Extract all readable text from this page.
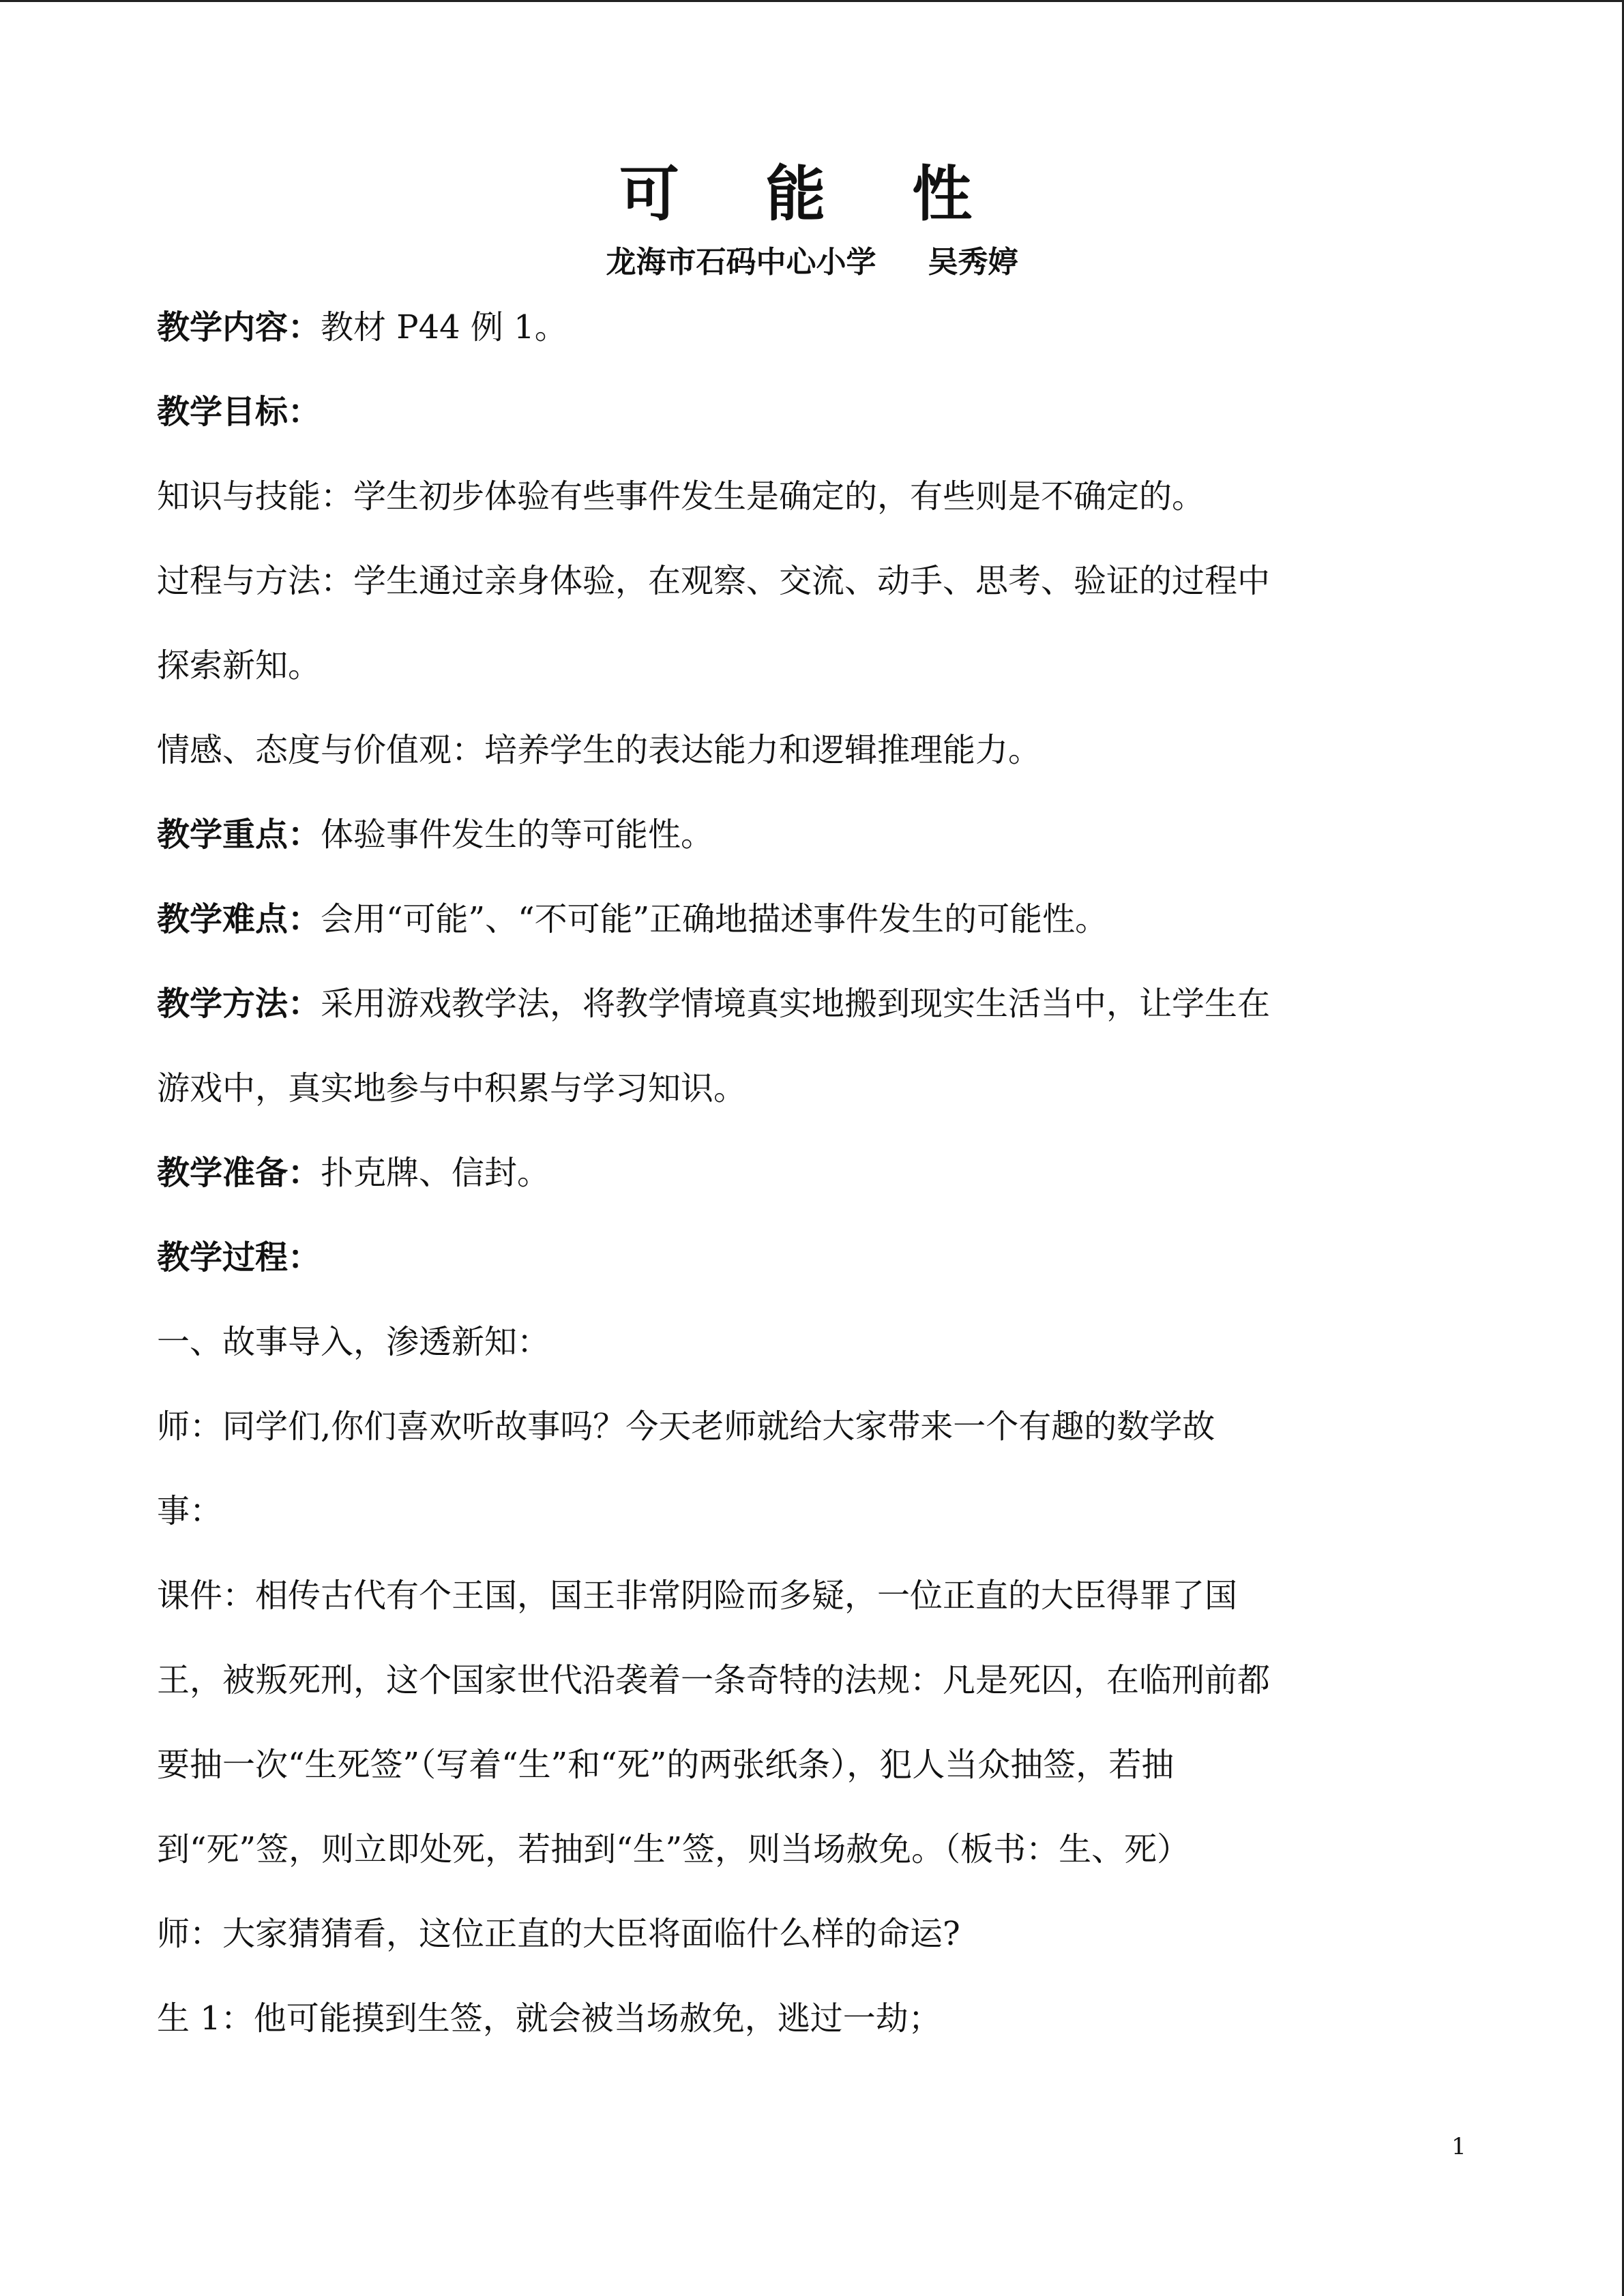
可 能 性
龙海市石码中心小学 吴秀婷
教学内容：教材 P44 例 1。
教学目标：
知识与技能：学生初步体验有些事件发生是确定的，有些则是不确定的。
过程与方法：学生通过亲身体验，在观察、交流、动手、思考、验证的过程中
探索新知。
情感、态度与价值观：培养学生的表达能力和逻辑推理能力。
教学重点：体验事件发生的等可能性。
教学难点：会用“可能”、“不可能”正确地描述事件发生的可能性。
教学方法：采用游戏教学法，将教学情境真实地搬到现实生活当中，让学生在
游戏中，真实地参与中积累与学习知识。
教学准备：扑克牌、信封。
教学过程：
一、故事导入，渗透新知：
师：同学们,你们喜欢听故事吗？今天老师就给大家带来一个有趣的数学故
事：
课件：相传古代有个王国，国王非常阴险而多疑，一位正直的大臣得罪了国
王，被叛死刑，这个国家世代沿袭着一条奇特的法规：凡是死囚，在临刑前都
要抽一次“生死签”（写着“生”和“死”的两张纸条），犯人当众抽签，若抽
到“死”签，则立即处死，若抽到“生”签，则当场赦免。（板书：生、死）
师：大家猜猜看，这位正直的大臣将面临什么样的命运?
生 1：他可能摸到生签，就会被当场赦免，逃过一劫；
1
